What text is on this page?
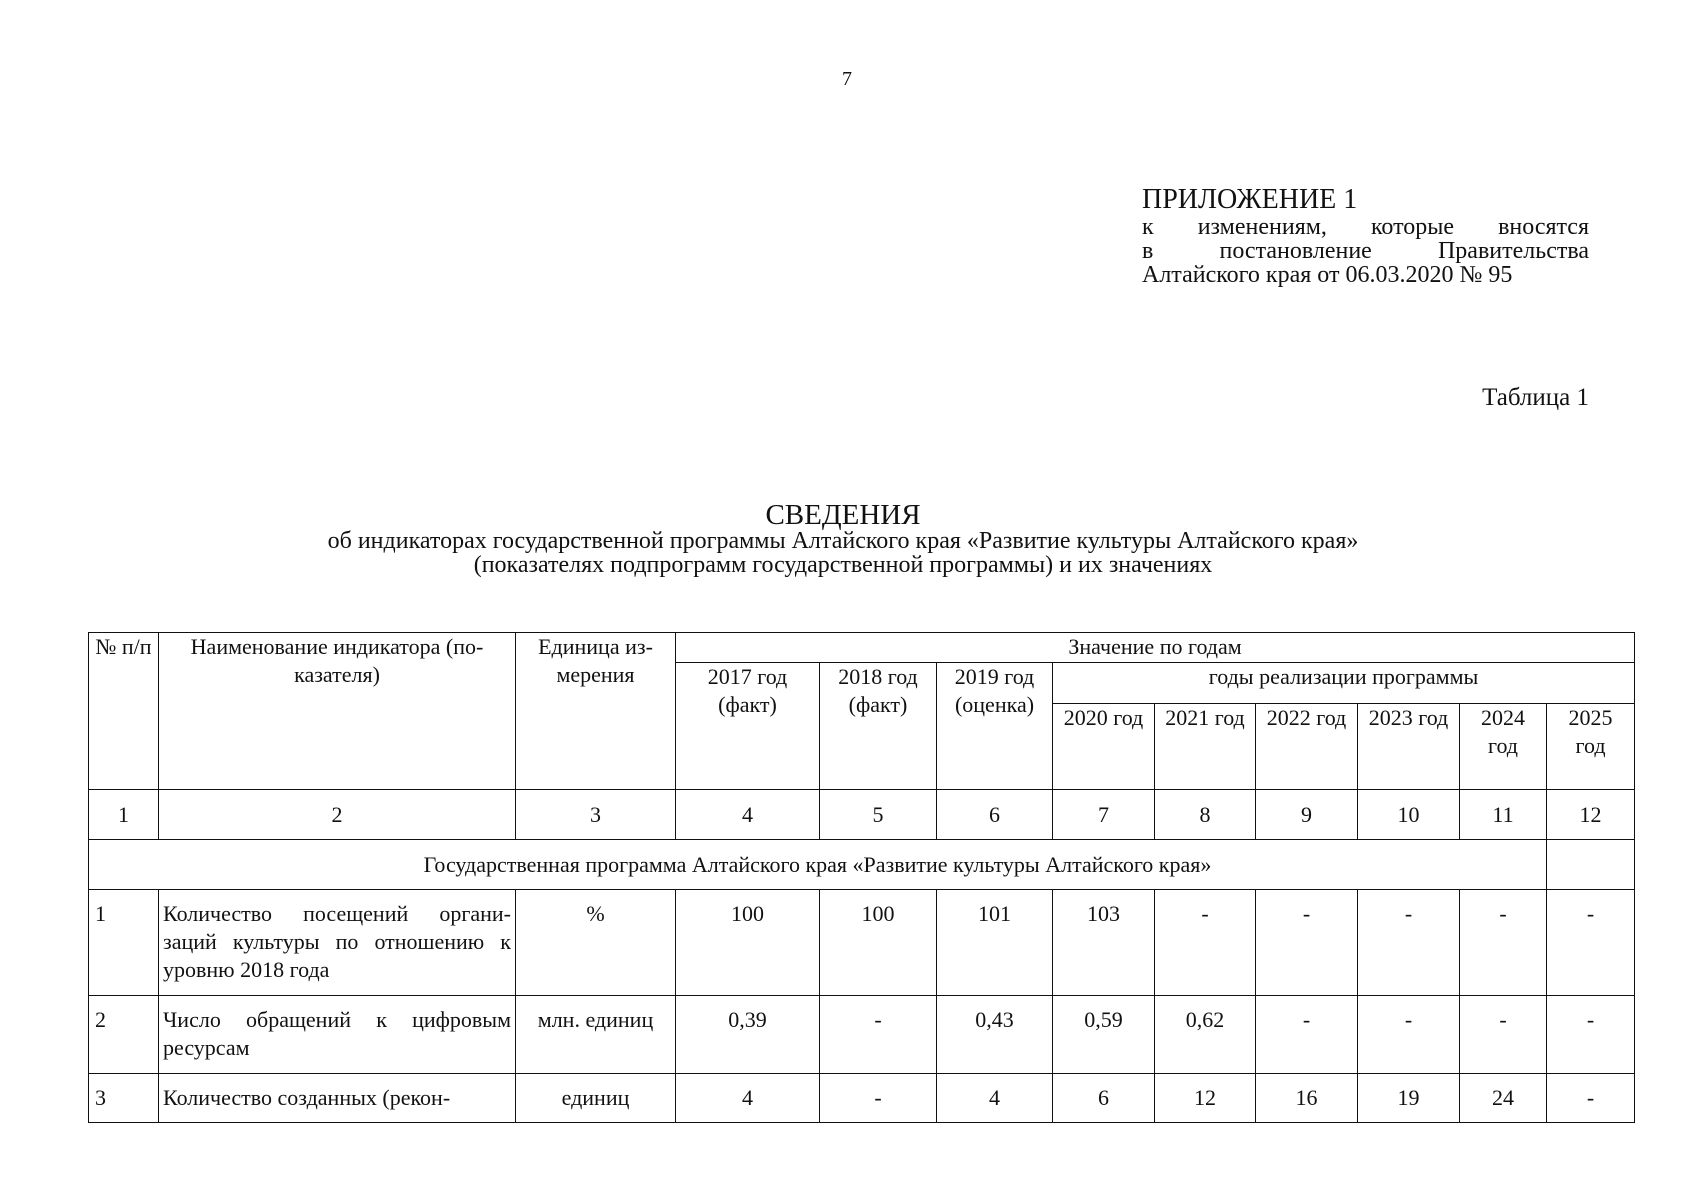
7
ПРИЛОЖЕНИЕ 1
к изменениям, которые вносятся
в постановление Правительства
Алтайского края от 06.03.2020 № 95
Таблица 1
СВЕДЕНИЯ
об индикаторах государственной программы Алтайского края «Развитие культуры Алтайского края»
(показателях подпрограмм государственной программы) и их значениях
№ п/п	Наименование индикатора (по- казателя)	Единица из- мерения	Значение по годам								
			2017 год (факт)	2018 год (факт)	2019 год (оценка)	годы реализации программы					
						2020 год	2021 год	2022 год	2023 год	2024 год	2025 год
1	2	3	4	5	6	7	8	9	10	11	12
Государственная программа Алтайского края «Развитие культуры Алтайского края»											
1	Количество посещений органи- заций культуры по отношению к уровню 2018 года	%	100	100	101	103	-	-	-	-	-
2	Число обращений к цифровым ресурсам	млн. единиц	0,39	-	0,43	0,59	0,62	-	-	-	-
3	Количество созданных (рекон-	единиц	4	-	4	6	12	16	19	24	-
